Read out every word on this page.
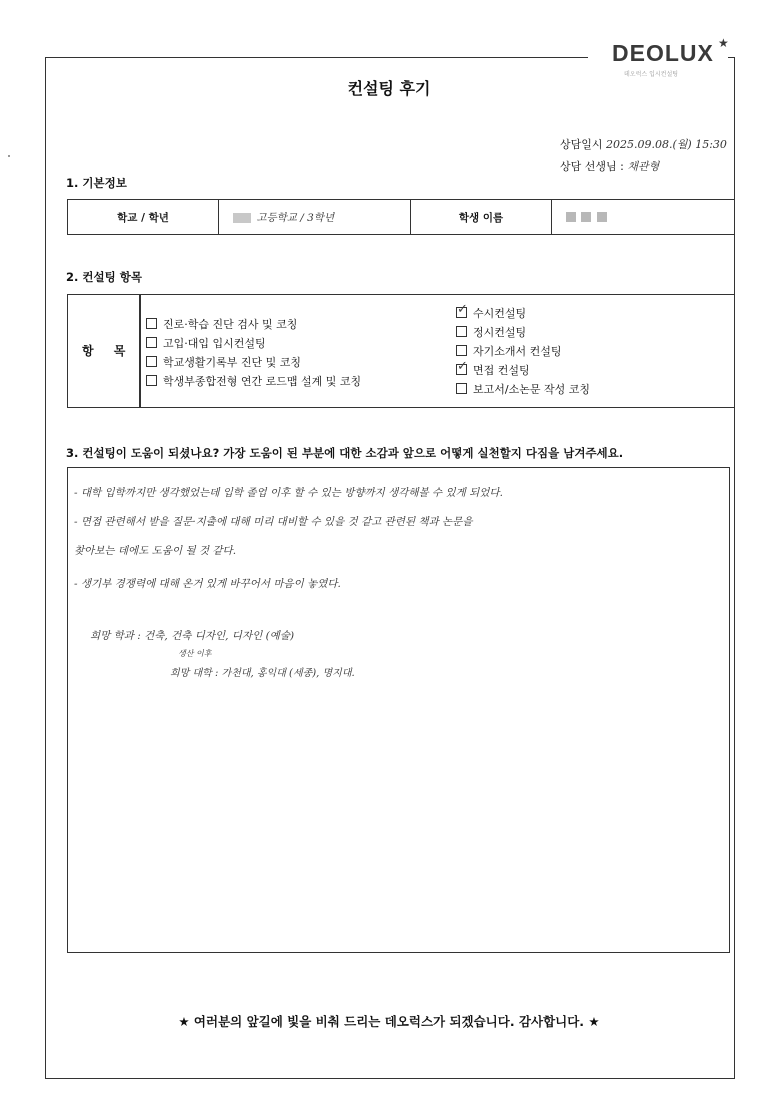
DEOLUX ★
데오럭스 입시컨설팅
컨설팅 후기
상담일시 2025.09.08.(월) 15:30
상담 선생님 : 채관형
1. 기본정보
학교 / 학년	고등학교 / 3학년	학생 이름	
2. 컨설팅 항목
항 목
진로·학습 진단 검사 및 코칭
고입·대입 입시컨설팅
학교생활기록부 진단 및 코칭
학생부종합전형 연간 로드맵 설계 및 코칭
✓수시컨설팅
정시컨설팅
자기소개서 컨설팅
✓면접 컨설팅
보고서/소논문 작성 코칭
3. 컨설팅이 도움이 되셨나요? 가장 도움이 된 부분에 대한 소감과 앞으로 어떻게 실천할지 다짐을 남겨주세요.
- 대학 입학까지만 생각했었는데 입학 졸업 이후 할 수 있는 방향까지 생각해볼 수 있게 되었다.
- 면접 관련해서 받을 질문·지출에 대해 미리 대비할 수 있을 것 같고 관련된 책과 논문을
찾아보는 데에도 도움이 될 것 같다.
- 생기부 경쟁력에 대해 온거 있게 바꾸어서 마음이 놓였다.
희망 학과 : 건축, 건축 디자인, 디자인 (예술)
생산 이후
희망 대학 : 가천대, 홍익대 (세종), 명지대.
★ 여러분의 앞길에 빛을 비춰 드리는 데오럭스가 되겠습니다. 감사합니다. ★
